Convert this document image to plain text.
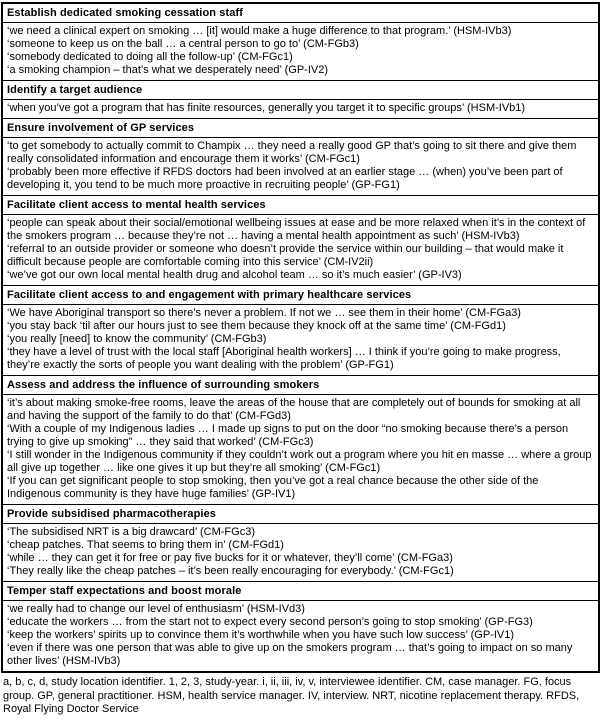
Establish dedicated smoking cessation staff
‘we need a clinical expert on smoking … [it] would make a huge difference to that program.’ (HSM-IVb3)
‘someone to keep us on the ball … a central person to go to’ (CM-FGb3)
‘somebody dedicated to doing all the follow-up’ (CM-FGc1)
‘a smoking champion – that’s what we desperately need’ (GP-IV2)
Identify a target audience
‘when you’ve got a program that has finite resources, generally you target it to specific groups’ (HSM-IVb1)
Ensure involvement of GP services
‘to get somebody to actually commit to Champix … they need a really good GP that’s going to sit there and give them really consolidated information and encourage them it works’ (CM-FGc1)
‘probably been more effective if RFDS doctors had been involved at an earlier stage … (when) you’ve been part of developing it, you tend to be much more proactive in recruiting people’ (GP-FG1)
Facilitate client access to mental health services
‘people can speak about their social/emotional wellbeing issues at ease and be more relaxed when it’s in the context of the smokers program … because they’re not … having a mental health appointment as such’ (HSM-IVb3)
‘referral to an outside provider or someone who doesn’t provide the service within our building – that would make it difficult because people are comfortable coming into this service’ (CM-IV2ii)
‘we’ve got our own local mental health drug and alcohol team … so it’s much easier’ (GP-IV3)
Facilitate client access to and engagement with primary healthcare services
‘We have Aboriginal transport so there’s never a problem. If not we … see them in their home’ (CM-FGa3)
‘you stay back ‘til after our hours just to see them because they knock off at the same time’ (CM-FGd1)
‘you really [need] to know the community’ (CM-FGb3)
‘they have a level of trust with the local staff [Aboriginal health workers] … I think if you’re going to make progress, they’re exactly the sorts of people you want dealing with the problem’ (GP-FG1)
Assess and address the influence of surrounding smokers
‘it’s about making smoke-free rooms, leave the areas of the house that are completely out of bounds for smoking at all and having the support of the family to do that’ (CM-FGd3)
‘With a couple of my Indigenous ladies … I made up signs to put on the door “no smoking because there’s a person trying to give up smoking” … they said that worked’ (CM-FGc3)
‘I still wonder in the Indigenous community if they couldn’t work out a program where you hit en masse … where a group all give up together … like one gives it up but they’re all smoking’ (CM-FGc1)
‘If you can get significant people to stop smoking, then you’ve got a real chance because the other side of the Indigenous community is they have huge families’ (GP-IV1)
Provide subsidised pharmacotherapies
‘The subsidised NRT is a big drawcard’ (CM-FGc3)
‘cheap patches. That seems to bring them in’ (CM-FGd1)
‘while … they can get it for free or pay five bucks for it or whatever, they’ll come’ (CM-FGa3)
‘They really like the cheap patches – it’s been really encouraging for everybody.’ (CM-FGc1)
Temper staff expectations and boost morale
‘we really had to change our level of enthusiasm’ (HSM-IVd3)
‘educate the workers … from the start not to expect every second person’s going to stop smoking’ (GP-FG3)
‘keep the workers’ spirits up to convince them it’s worthwhile when you have such low success’ (GP-IV1)
‘even if there was one person that was able to give up on the smokers program … that’s going to impact on so many other lives’ (HSM-IVb3)
a, b, c, d, study location identifier. 1, 2, 3, study-year. i, ii, iii, iv, v, interviewee identifier. CM, case manager. FG, focus group. GP, general practitioner. HSM, health service manager. IV, interview. NRT, nicotine replacement therapy. RFDS, Royal Flying Doctor Service
